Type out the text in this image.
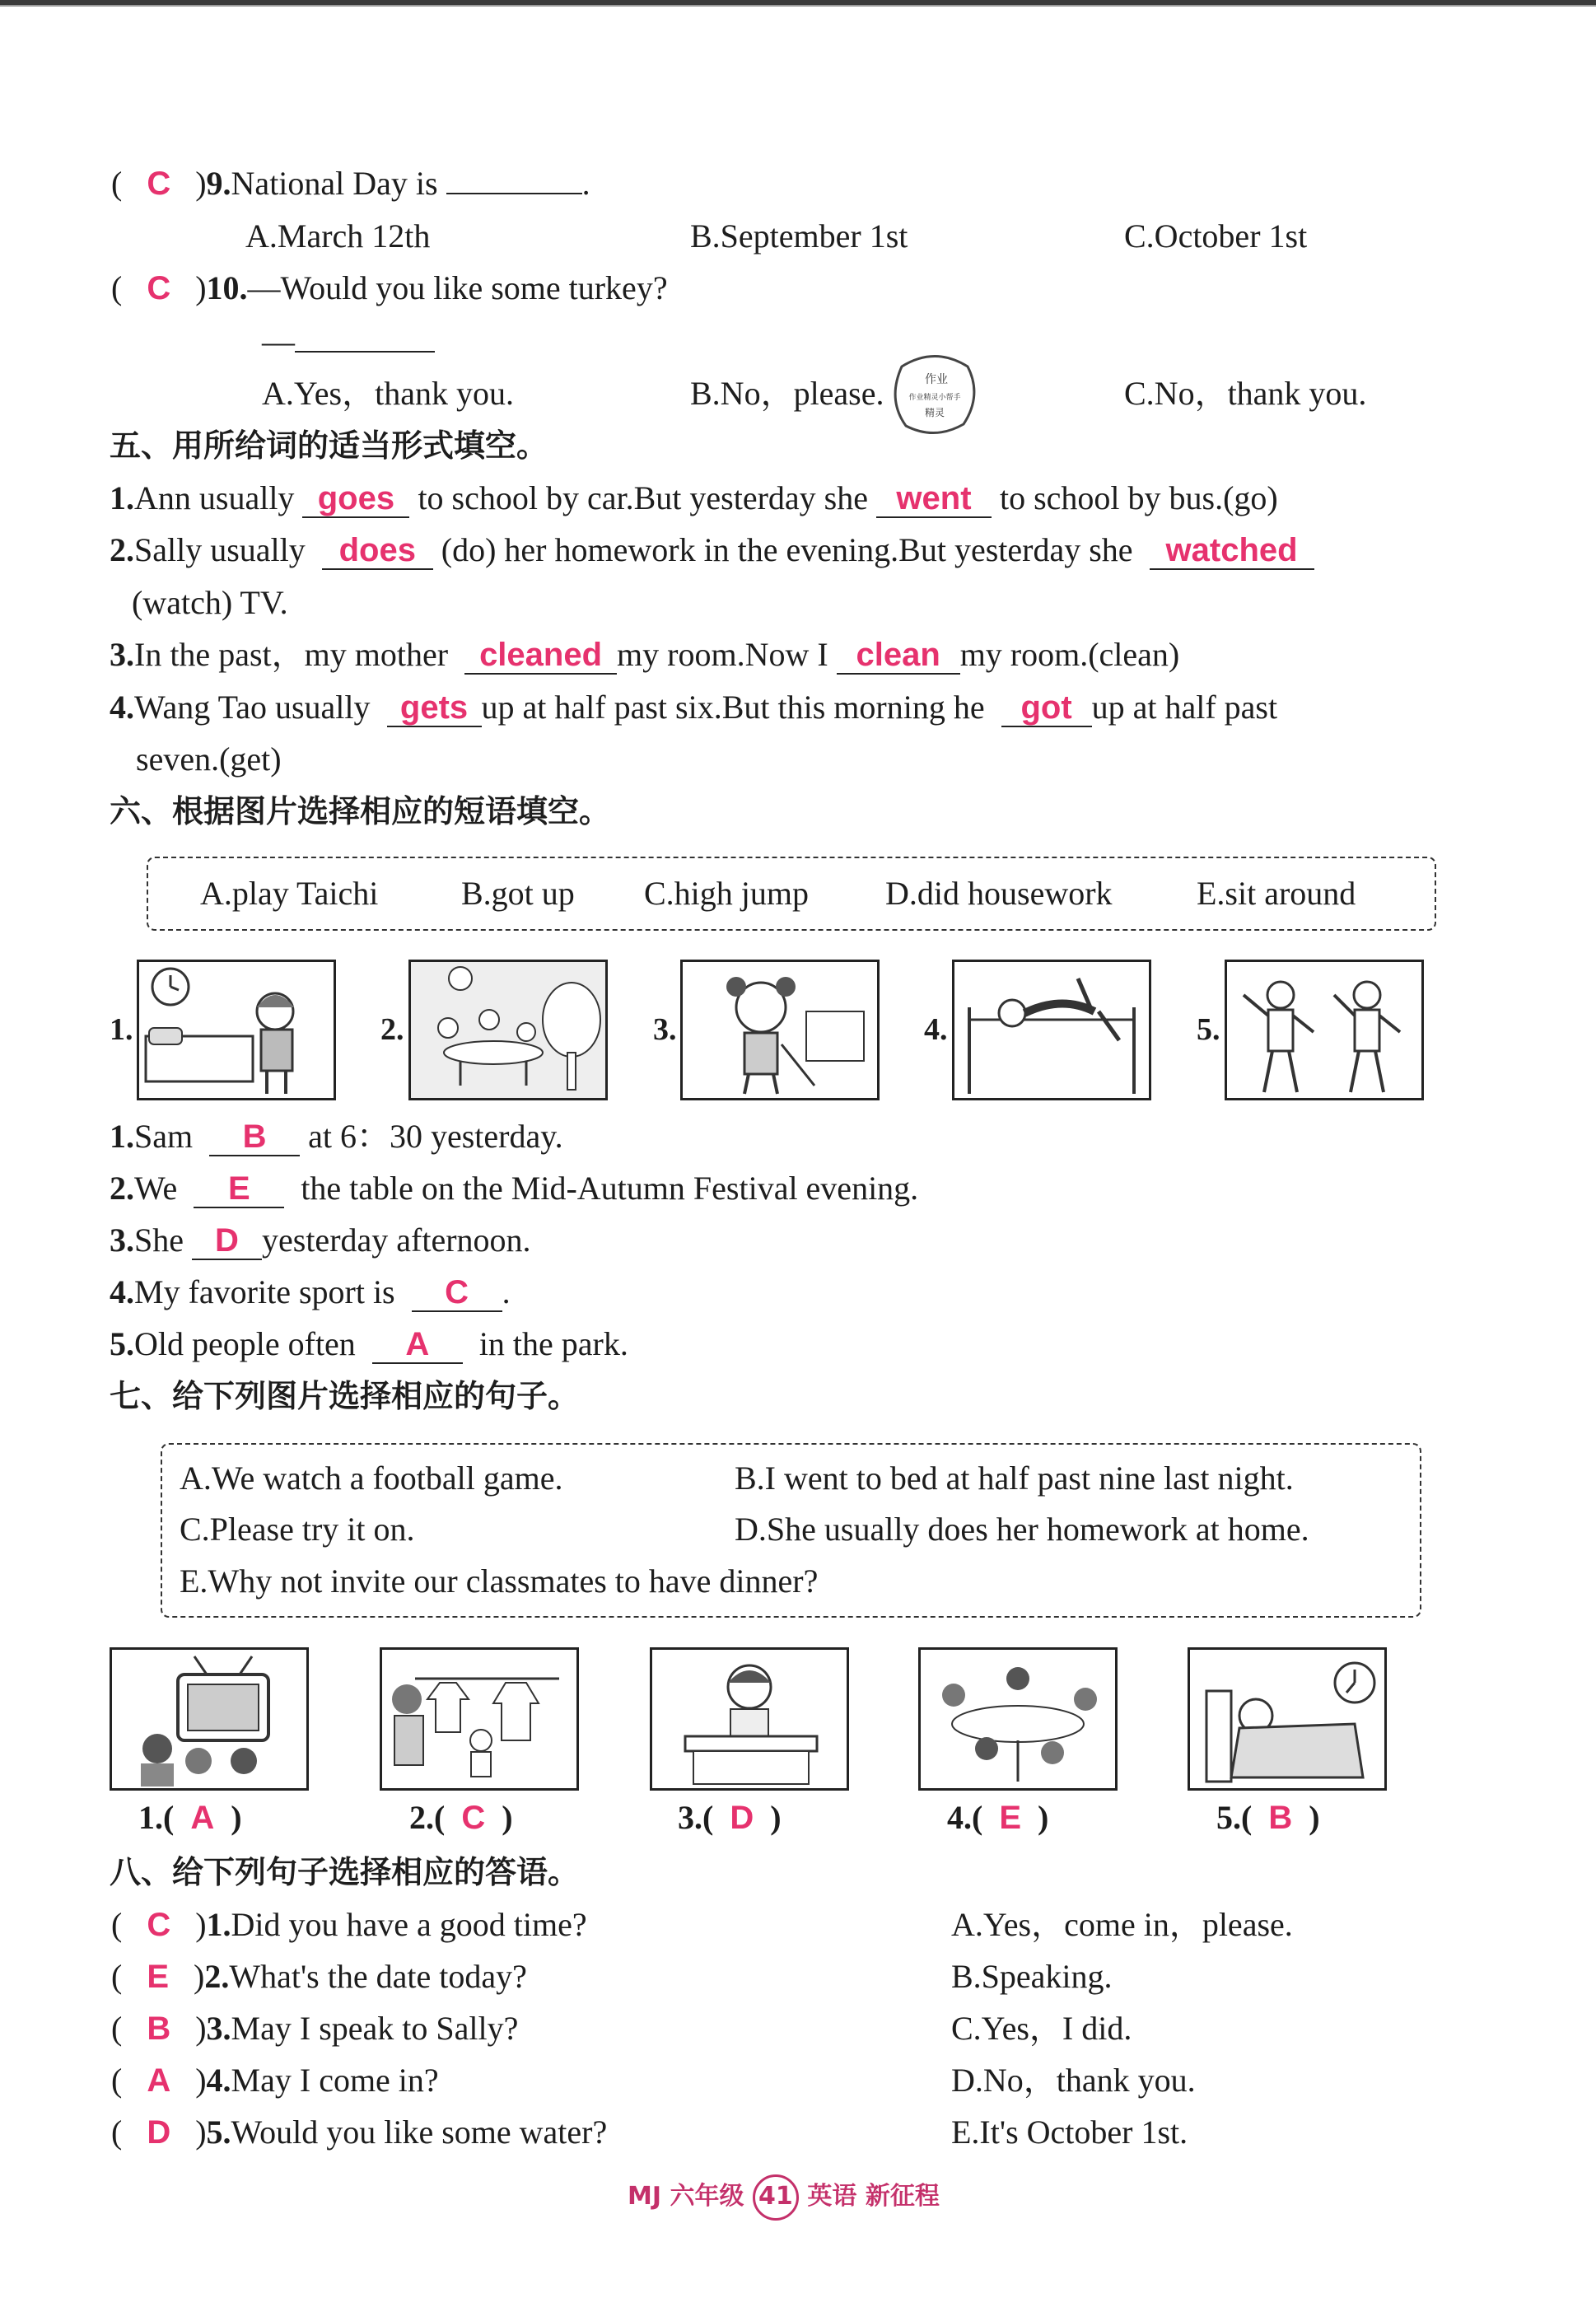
( C )9.National Day is	.
A.March 12th	B.September 1st	C.October 1st
( C )10.—Would you like some turkey?
—
A.Yes，thank you.	B.No，please.	C.No，thank you.
作业
作业精灵小帮手
精灵
五、用所给词的适当形式填空。
1.Ann usually goes to school by car.But yesterday she went to school by bus.(go)
2.Sally usually does (do) her homework in the evening.But yesterday she watched
(watch) TV.
3.In the past，my mother cleaned my room.Now I clean my room.(clean)
4.Wang Tao usually gets up at half past six.But this morning he got up at half past
seven.(get)
六、根据图片选择相应的短语填空。
A.play Taichi	B.got up C.high jump D.did housework	E.sit around
1.	2.	3.	4.	5.
1.Sam B at 6：30 yesterday.
2.We E the table on the Mid-Autumn Festival evening.
3.She D yesterday afternoon.
4.My favorite sport is C .
5.Old people often A in the park.
七、给下列图片选择相应的句子。
A.We watch a football game.	B.I went to bed at half past nine last night.
C.Please try it on.	D.She usually does her homework at home.
E.Why not invite our classmates to have dinner?
1.( A )	2.( C )	3.( D )	4.( E )	5.( B )
八、给下列句子选择相应的答语。
(   C   )1.Did you have a good time?	A.Yes，come in，please.
(   E   )2.What's the date today?	B.Speaking.
(   B   )3.May I speak to Sally?	C.Yes，I did.
(   A   )4.May I come in?	D.No，thank you.
(   D   )5.Would you like some water?	E.It's October 1st.
MJ 六年级 41 英语 新征程
